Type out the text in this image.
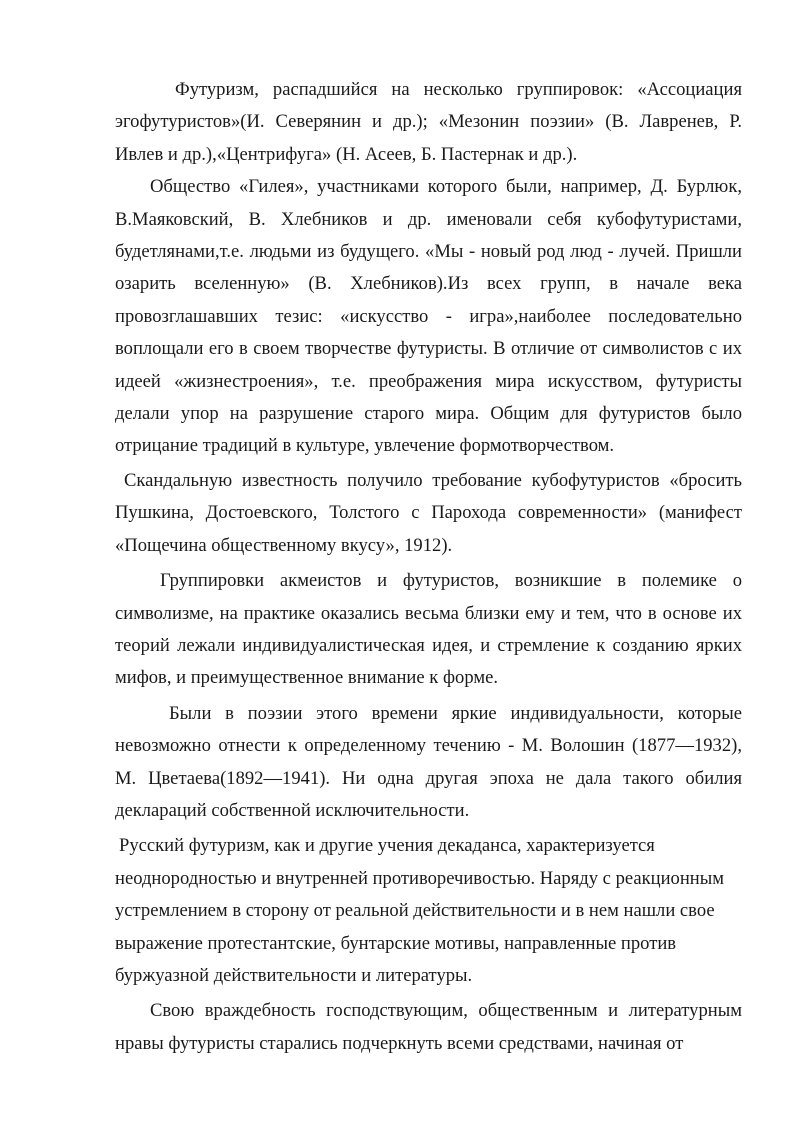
Футуризм, распадшийся на несколько группировок: «Ассоциация эгофутуристов»(И. Северянин и др.); «Мезонин поэзии» (В. Лавренев, Р. Ивлев и др.),«Центрифуга» (Н. Асеев, Б. Пастернак и др.).

Общество «Гилея», участниками которого были, например, Д. Бурлюк, В.Маяковский, В. Хлебников и др. именовали себя кубофутуристами, будетлянами,т.е. людьми из будущего. «Мы - новый род люд - лучей. Пришли озарить вселенную» (В. Хлебников).Из всех групп, в начале века провозглашавших тезис: «искусство - игра»,наиболее последовательно воплощали его в своем творчестве футуристы. В отличие от символистов с их идеей «жизнестроения», т.е. преображения мира искусством, футуристы делали упор на разрушение старого мира. Общим для футуристов было отрицание традиций в культуре, увлечение формотворчеством.

Скандальную известность получило требование кубофутуристов «бросить Пушкина, Достоевского, Толстого с Парохода современности» (манифест «Пощечина общественному вкусу», 1912).

Группировки акмеистов и футуристов, возникшие в полемике о символизме, на практике оказались весьма близки ему и тем, что в основе их теорий лежали индивидуалистическая идея, и стремление к созданию ярких мифов, и преимущественное внимание к форме.

Были в поэзии этого времени яркие индивидуальности, которые невозможно отнести к определенному течению - М. Волошин (1877—1932), М. Цветаева(1892—1941). Ни одна другая эпоха не дала такого обилия деклараций собственной исключительности.

Русский футуризм, как и другие учения декаданса, характеризуется неоднородностью и внутренней противоречивостью. Наряду с реакционным устремлением в сторону от реальной действительности и в нем нашли свое выражение протестантские, бунтарские мотивы, направленные против буржуазной действительности и литературы.

Свою враждебность господствующим, общественным и литературным нравы футуристы старались подчеркнуть всеми средствами, начиная от
